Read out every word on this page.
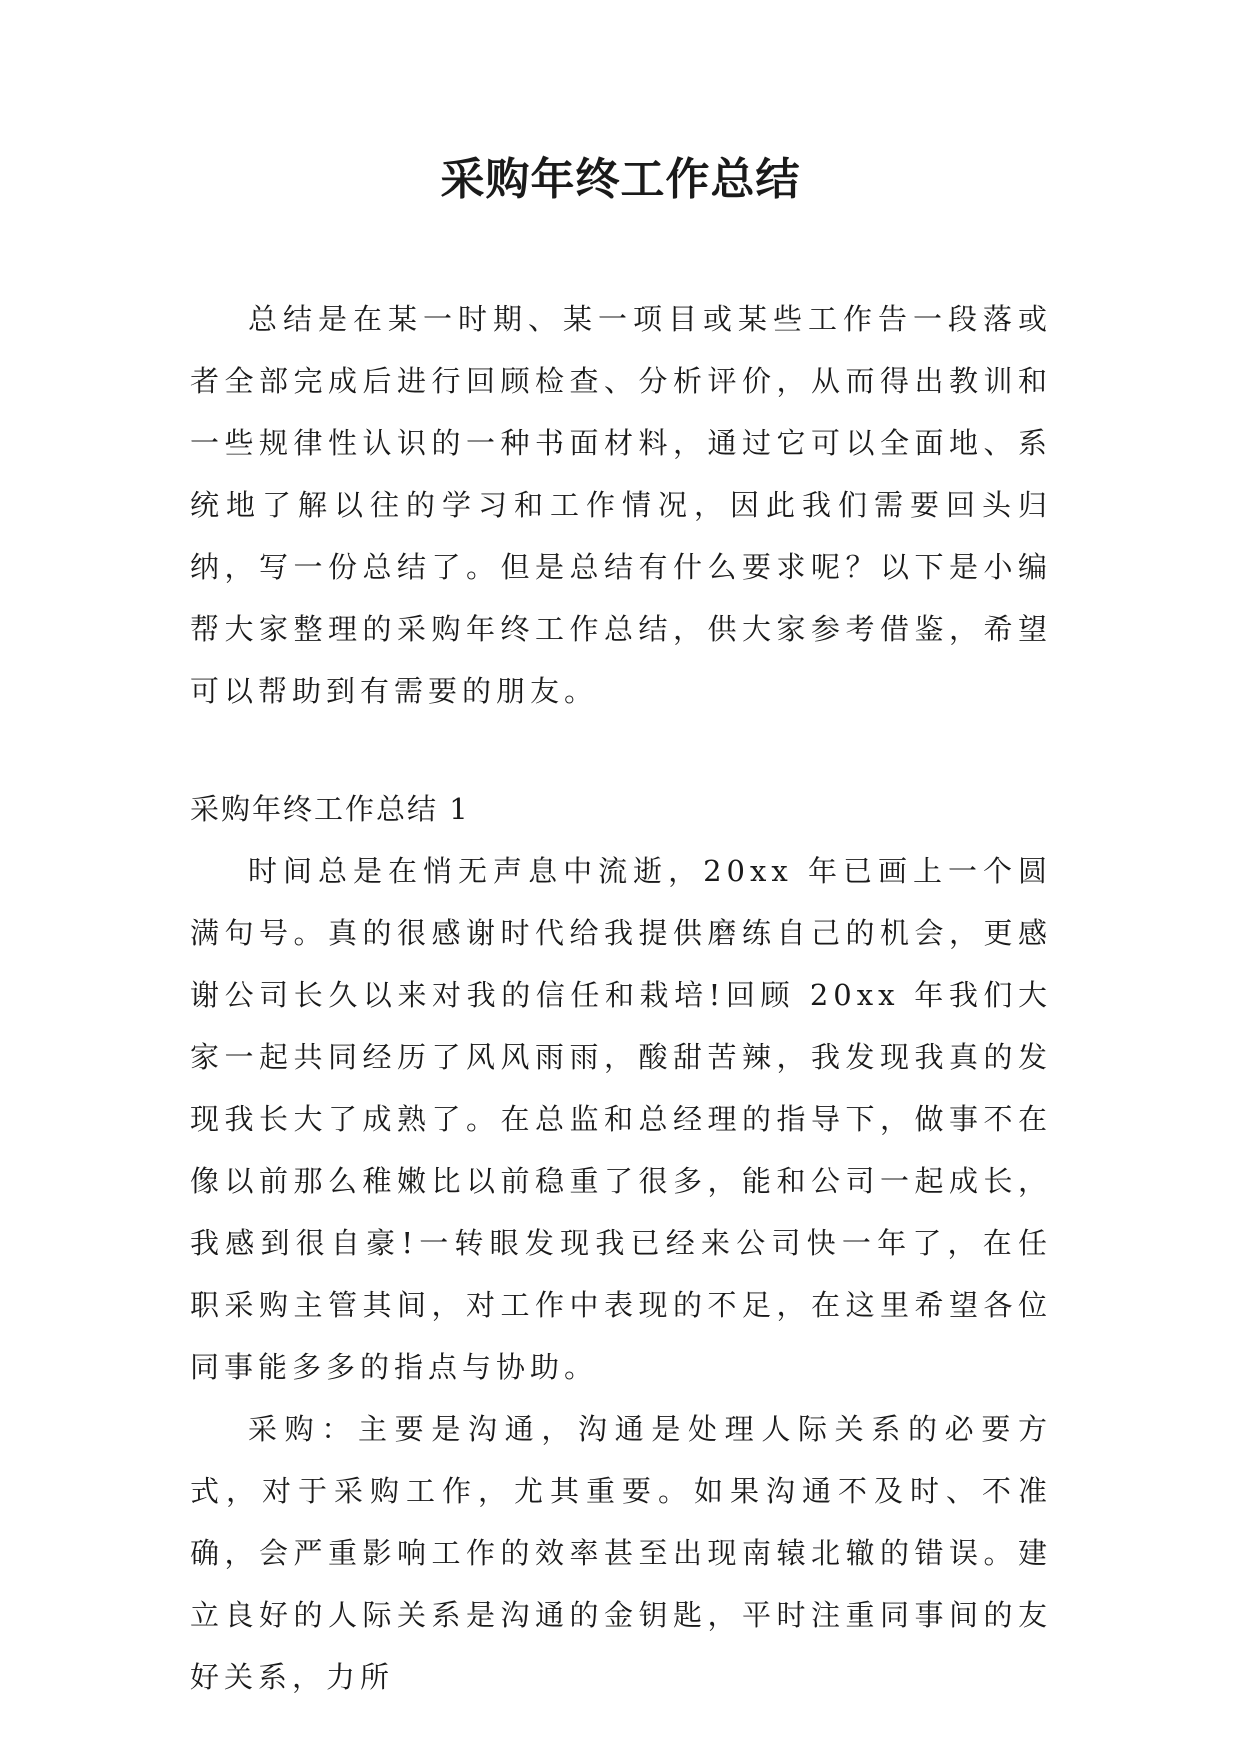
采购年终工作总结

总结是在某一时期、某一项目或某些工作告一段落或者全部完成后进行回顾检查、分析评价，从而得出教训和一些规律性认识的一种书面材料，通过它可以全面地、系统地了解以往的学习和工作情况，因此我们需要回头归纳，写一份总结了。但是总结有什么要求呢？以下是小编帮大家整理的采购年终工作总结，供大家参考借鉴，希望可以帮助到有需要的朋友。

采购年终工作总结 1

时间总是在悄无声息中流逝，20xx 年已画上一个圆满句号。真的很感谢时代给我提供磨练自己的机会，更感谢公司长久以来对我的信任和栽培!回顾 20xx 年我们大家一起共同经历了风风雨雨，酸甜苦辣，我发现我真的发现我长大了成熟了。在总监和总经理的指导下，做事不在像以前那么稚嫩比以前稳重了很多，能和公司一起成长，我感到很自豪!一转眼发现我已经来公司快一年了，在任职采购主管其间，对工作中表现的不足，在这里希望各位同事能多多的指点与协助。

采购：主要是沟通，沟通是处理人际关系的必要方式，对于采购工作，尤其重要。如果沟通不及时、不准确，会严重影响工作的效率甚至出现南辕北辙的错误。建立良好的人际关系是沟通的金钥匙，平时注重同事间的友好关系，力所
